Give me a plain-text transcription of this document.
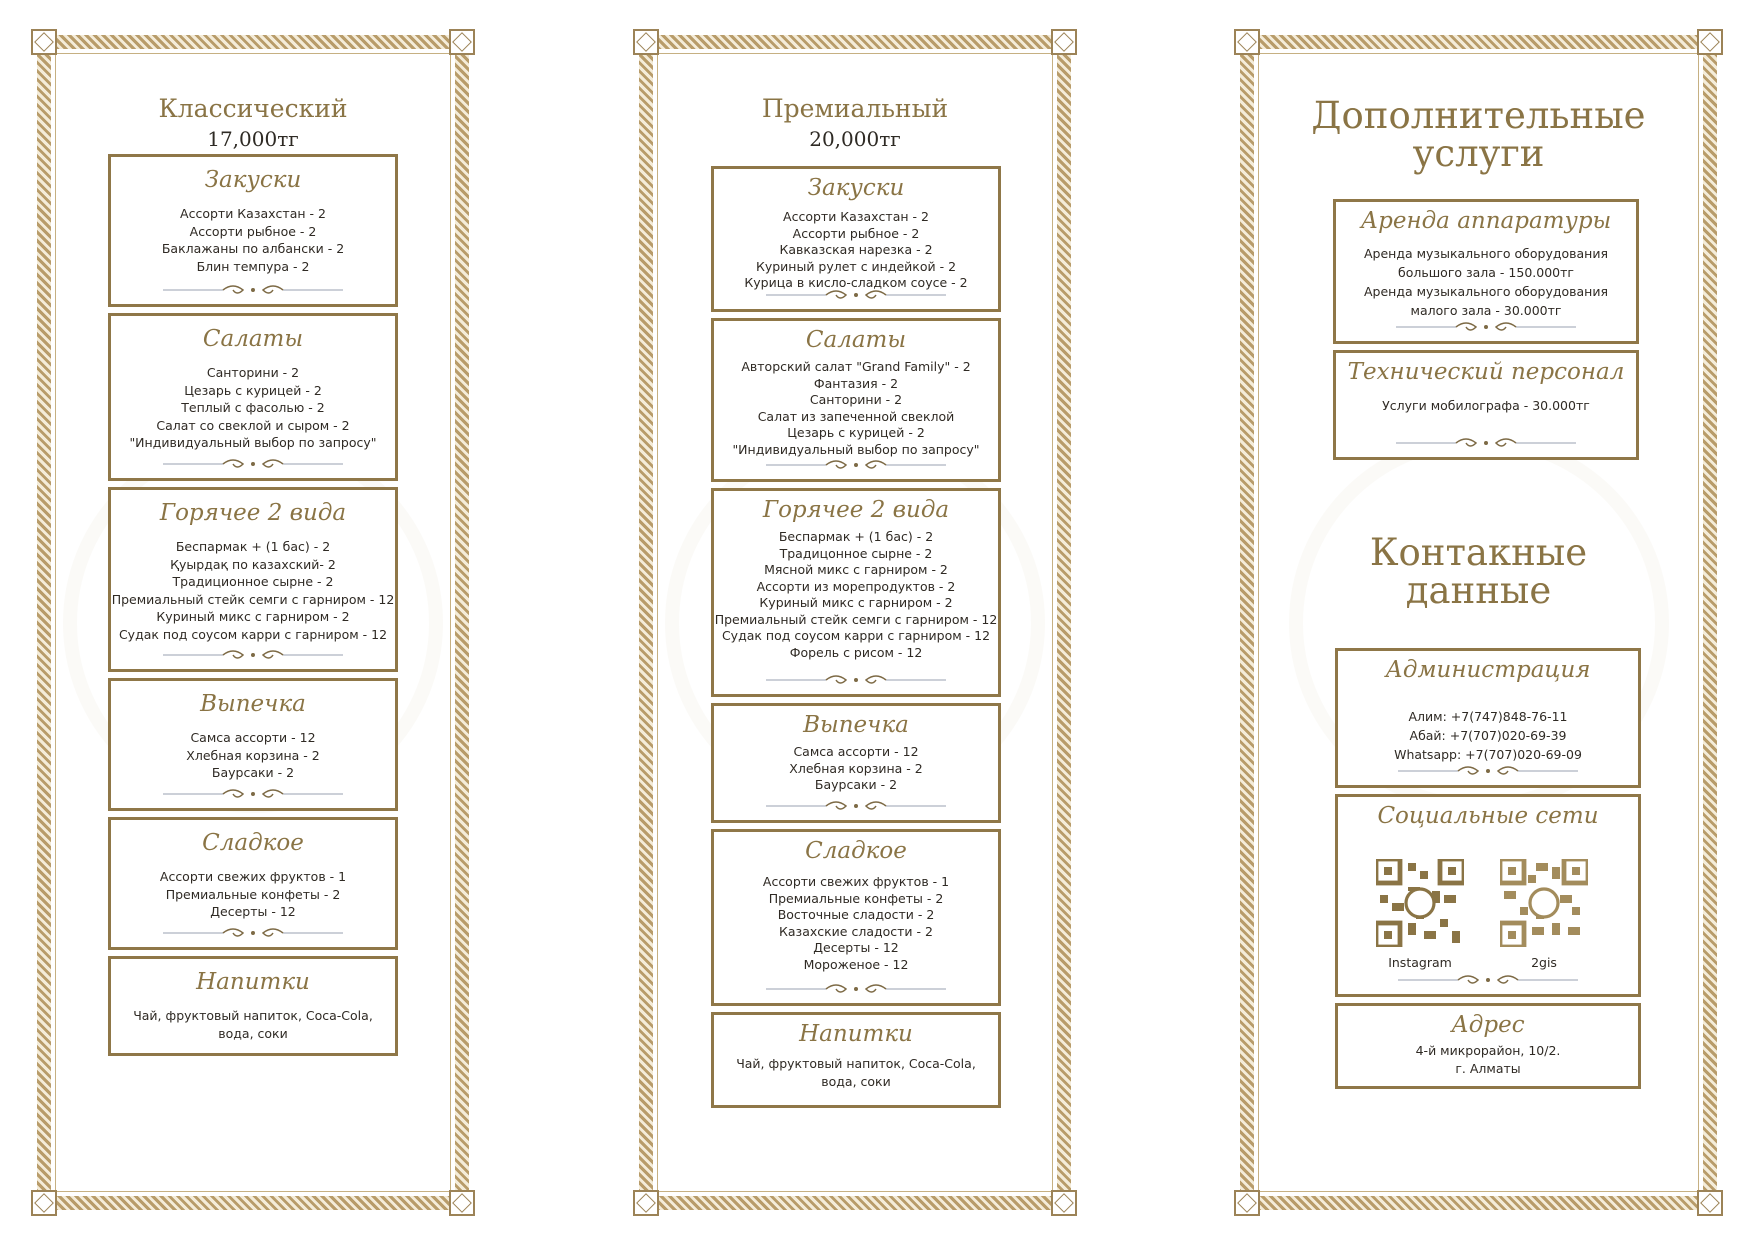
Классический
17,000тг
Закуски
Ассорти Казахстан - 2
Ассорти рыбное - 2
Баклажаны по албански - 2
Блин темпура - 2
Салаты
Санторини - 2
Цезарь с курицей - 2
Теплый с фасолью - 2
Салат со свеклой и сыром - 2
"Индивидуальный выбор по запросу"
Горячее 2 вида
Беспармак + (1 бас) - 2
Қуырдақ по казахский- 2
Традиционное сырне - 2
Премиальный стейк семги с гарниром - 12
Куриный микс с гарниром - 2
Судак под соусом карри с гарниром - 12
Выпечка
Самса ассорти - 12
Хлебная корзина - 2
Баурсаки - 2
Сладкое
Ассорти свежих фруктов - 1
Премиальные конфеты - 2
Десерты - 12
Напитки
Чай, фруктовый напиток, Coca-Cola,
вода, соки
Премиальный
20,000тг
Закуски
Ассорти Казахстан - 2
Ассорти рыбное - 2
Кавказская нарезка - 2
Куриный рулет с индейкой - 2
Курица в кисло-сладком соусе - 2
Салаты
Авторский салат "Grand Family" - 2
Фантазия - 2
Санторини - 2
Салат из запеченной свеклой
Цезарь с курицей - 2
"Индивидуальный выбор по запросу"
Горячее 2 вида
Беспармак + (1 бас) - 2
Традицонное сырне - 2
Мясной микс с гарниром - 2
Ассорти из морепродуктов - 2
Куриный микс с гарниром - 2
Премиальный стейк семги с гарниром - 12
Судак под соусом карри с гарниром - 12
Форель с рисом - 12
Выпечка
Самса ассорти - 12
Хлебная корзина - 2
Баурсаки - 2
Сладкое
Ассорти свежих фруктов - 1
Премиальные конфеты - 2
Восточные сладости - 2
Казахские сладости - 2
Десерты - 12
Мороженое - 12
Напитки
Чай, фруктовый напиток, Coca-Cola,
вода, соки
Дополнительные
услуги
Аренда аппаратуры
Аренда музыкального оборудования
большого зала - 150.000тг
Аренда музыкального оборудования
малого зала - 30.000тг
Технический персонал
Услуги мобилографа - 30.000тг
Контакные
данные
Администрация
Алим: +7(747)848-76-11
Абай: +7(707)020-69-39
Whatsapp: +7(707)020-69-09
Социальные сети
Instagram	2gis
Адрес
4-й микрорайон, 10/2.
г. Алматы
